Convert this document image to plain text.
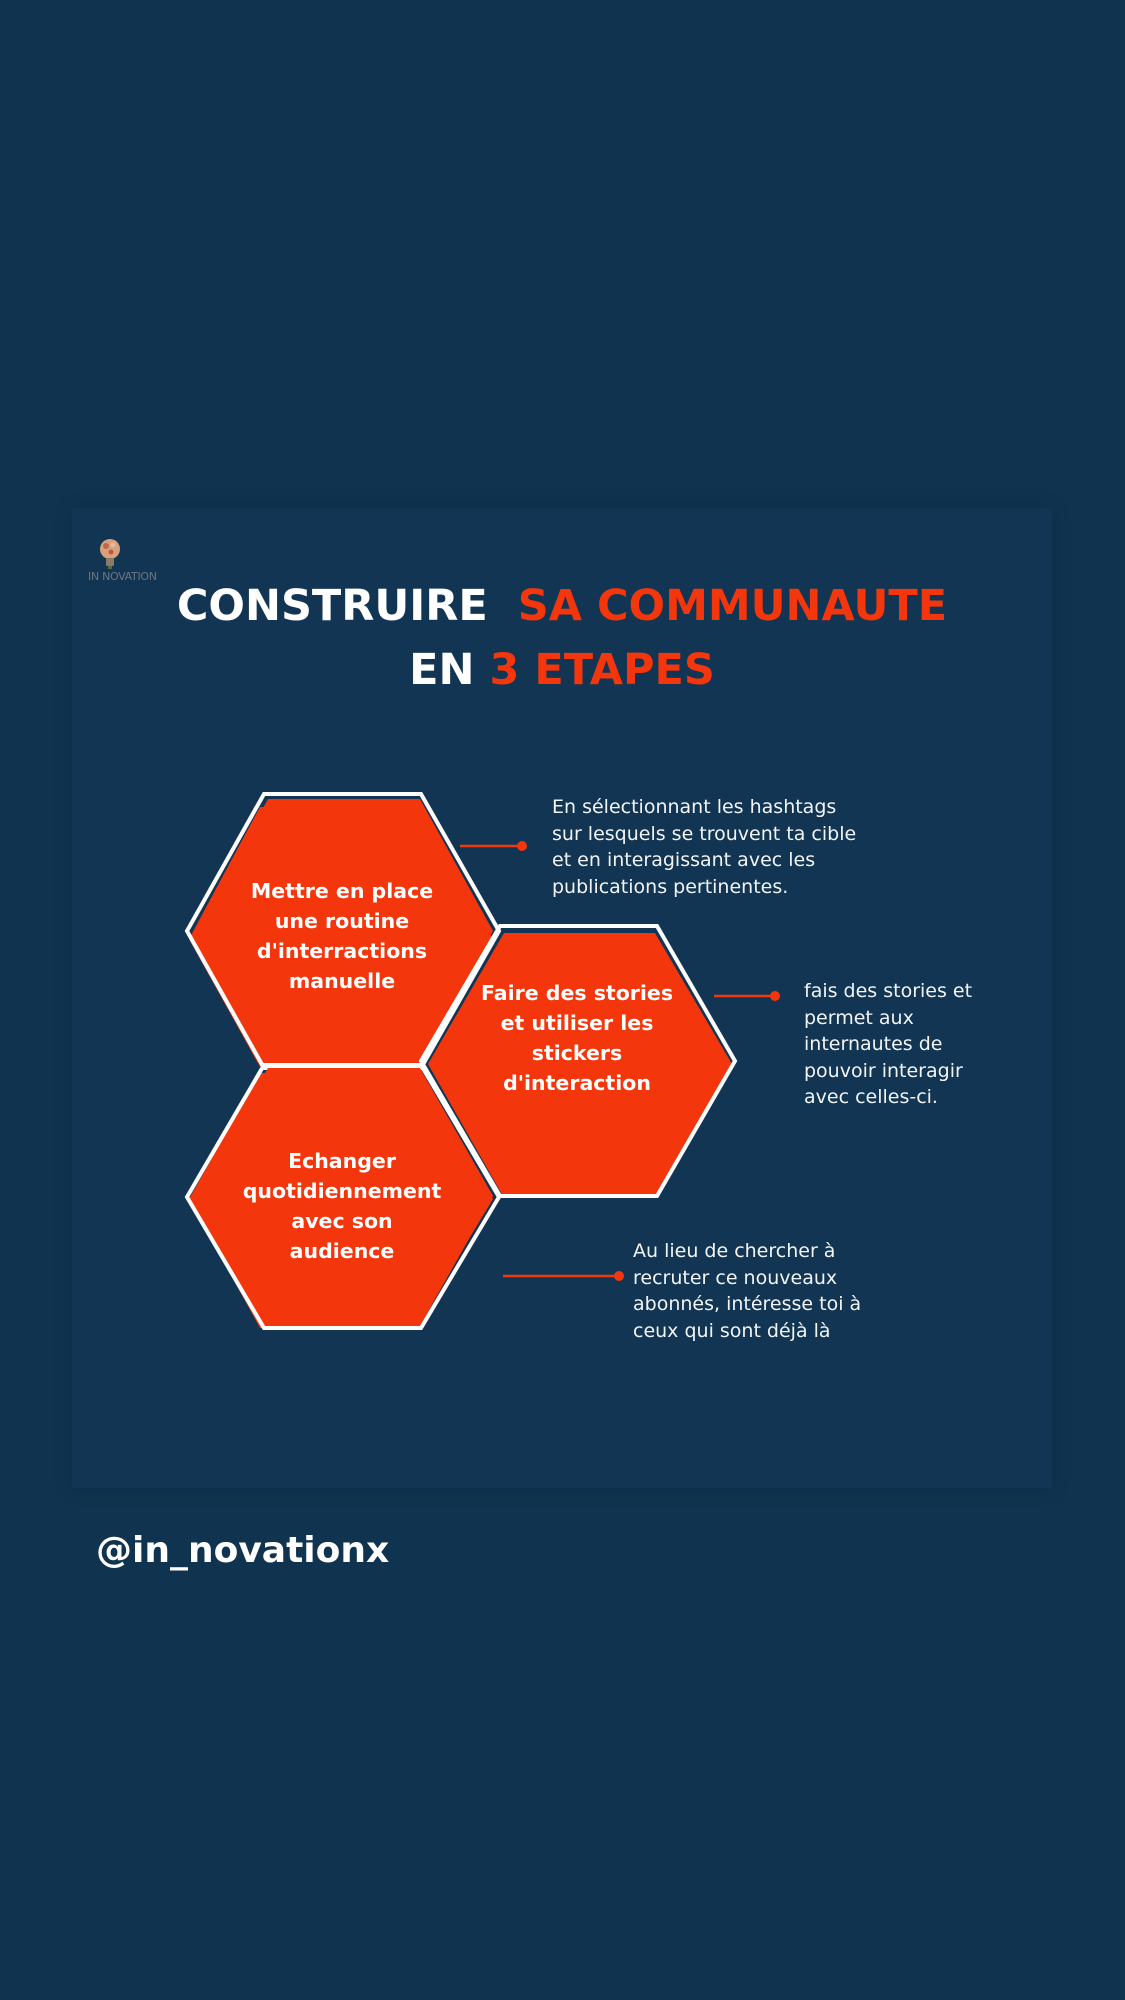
IN NOVATION
CONSTRUIRE SA COMMUNAUTE
EN 3 ETAPES
Mettre en place une routine d'interractions manuelle	Faire des stories et utiliser les stickers d'interaction
Echanger quotidiennement avec son audience
En sélectionnant les hashtags sur lesquels se trouvent ta cible et en interagissant avec les publications pertinentes.
fais des stories et permet aux internautes de pouvoir interagir avec celles-ci.
Au lieu de chercher à recruter ce nouveaux abonnés, intéresse toi à ceux qui sont déjà là
@in_novationx
